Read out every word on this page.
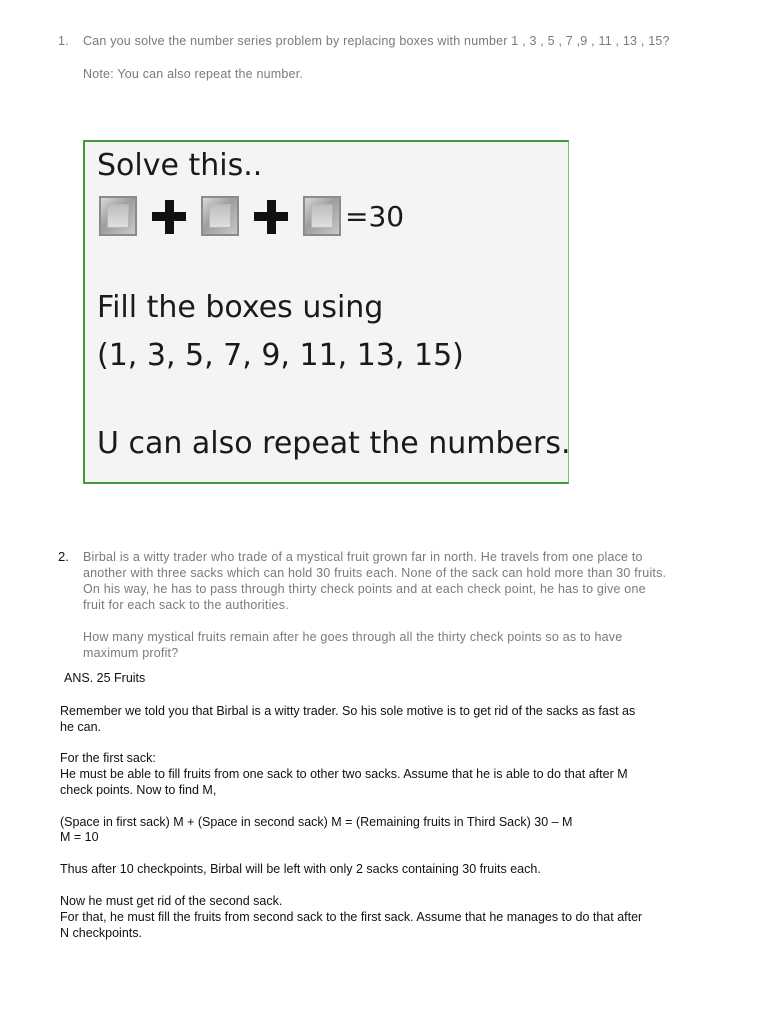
1. Can you solve the number series problem by replacing boxes with number 1 , 3 , 5 , 7 ,9 , 11 , 13 , 15?
Note: You can also repeat the number.
Solve this..
=30
Fill the boxes using
(1, 3, 5, 7, 9, 11, 13, 15)
U can also repeat the numbers.
2. Birbal is a witty trader who trade of a mystical fruit grown far in north. He travels from one place to
another with three sacks which can hold 30 fruits each. None of the sack can hold more than 30 fruits.
On his way, he has to pass through thirty check points and at each check point, he has to give one
fruit for each sack to the authorities.
How many mystical fruits remain after he goes through all the thirty check points so as to have
maximum profit?
ANS. 25 Fruits
Remember we told you that Birbal is a witty trader. So his sole motive is to get rid of the sacks as fast as
he can.
For the first sack:
He must be able to fill fruits from one sack to other two sacks. Assume that he is able to do that after M
check points. Now to find M,
(Space in first sack) M + (Space in second sack) M = (Remaining fruits in Third Sack) 30 – M
M = 10
Thus after 10 checkpoints, Birbal will be left with only 2 sacks containing 30 fruits each.
Now he must get rid of the second sack.
For that, he must fill the fruits from second sack to the first sack. Assume that he manages to do that after
N checkpoints.
